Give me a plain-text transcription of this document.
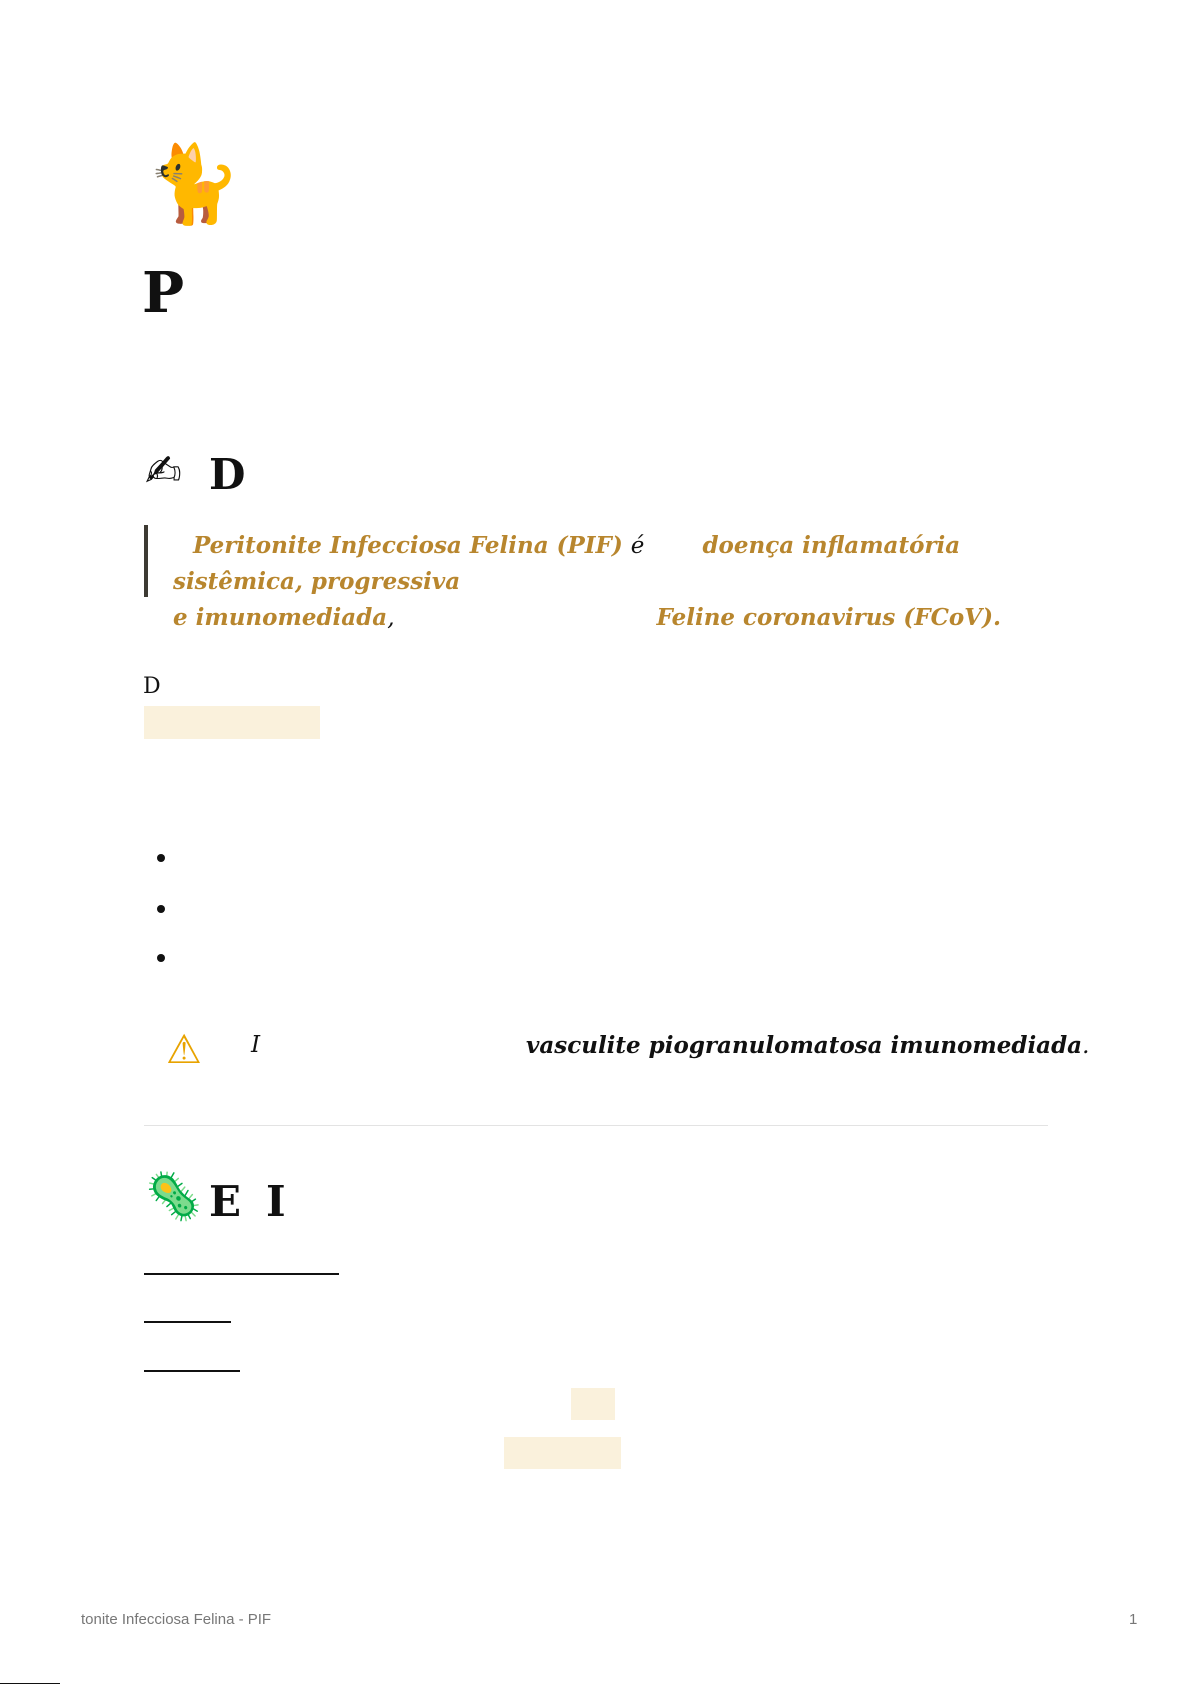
🐈
P
✍ D
Peritonite Infecciosa Felina (PIF) é	doença inflamatória sistêmica, progressiva
e imunomediada,	Feline coronavirus (FCoV).
D
⚠ I	vasculite piogranulomatosa imunomediada.
🦠 E I
tonite Infecciosa Felina - PIF	1
